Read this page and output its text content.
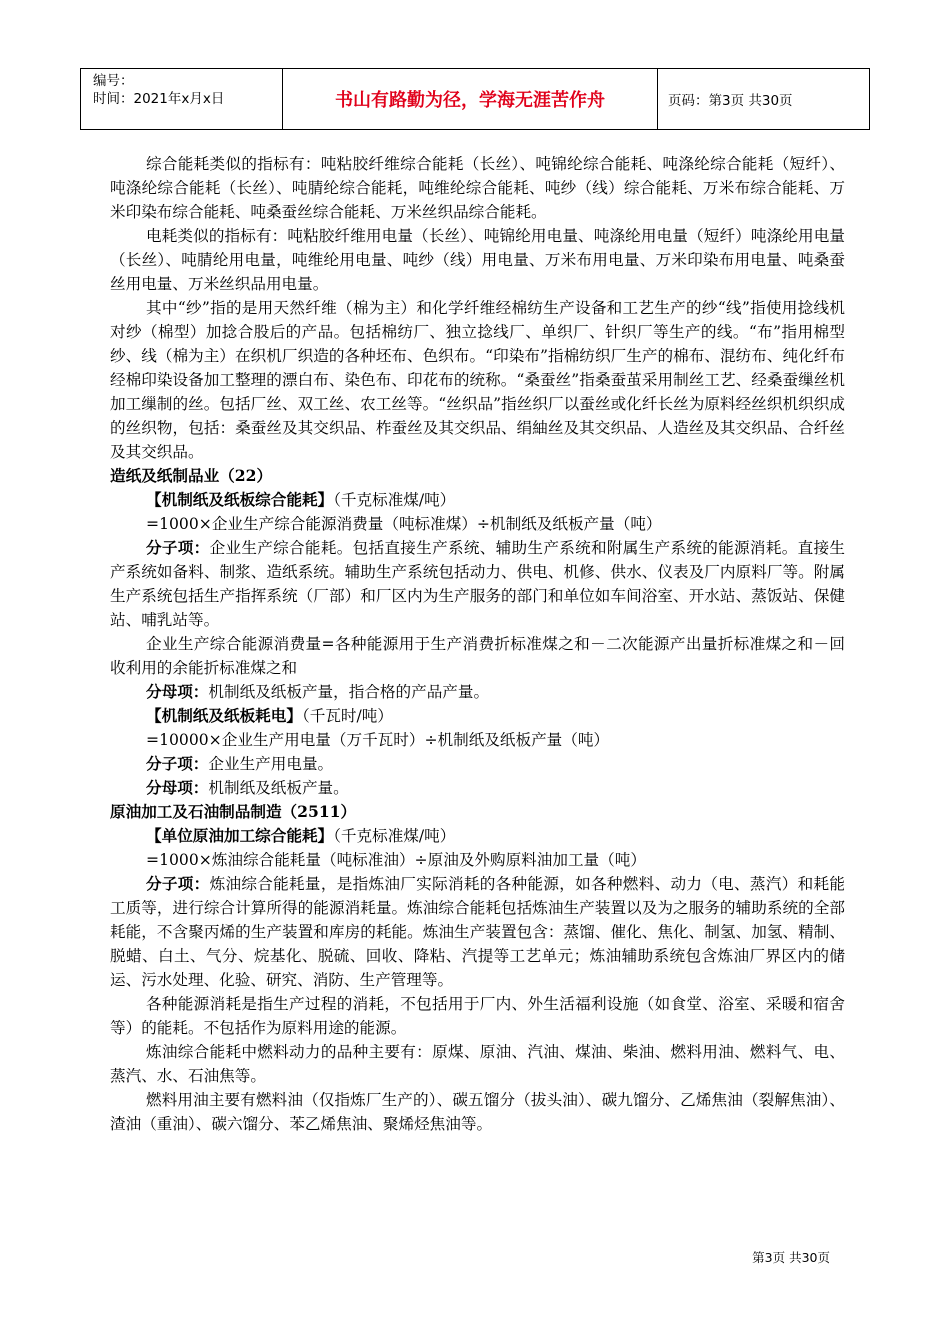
编号：
时间：2021年x月x日	书山有路勤为径，学海无涯苦作舟	页码：第3页 共30页

综合能耗类似的指标有：吨粘胶纤维综合能耗（长丝）、吨锦纶综合能耗、吨涤纶综合能耗（短纤）、吨涤纶综合能耗（长丝）、吨腈纶综合能耗，吨维纶综合能耗、吨纱（线）综合能耗、万米布综合能耗、万米印染布综合能耗、吨桑蚕丝综合能耗、万米丝织品综合能耗。

电耗类似的指标有：吨粘胶纤维用电量（长丝）、吨锦纶用电量、吨涤纶用电量（短纤）吨涤纶用电量（长丝）、吨腈纶用电量，吨维纶用电量、吨纱（线）用电量、万米布用电量、万米印染布用电量、吨桑蚕丝用电量、万米丝织品用电量。

其中“纱”指的是用天然纤维（棉为主）和化学纤维经棉纺生产设备和工艺生产的纱“线”指使用捻线机对纱（棉型）加捻合股后的产品。包括棉纺厂、独立捻线厂、单织厂、针织厂等生产的线。“布”指用棉型纱、线（棉为主）在织机厂织造的各种坯布、色织布。“印染布”指棉纺织厂生产的棉布、混纺布、纯化纤布经棉印染设备加工整理的漂白布、染色布、印花布的统称。“桑蚕丝”指桑蚕茧采用制丝工艺、经桑蚕缫丝机加工缫制的丝。包括厂丝、双工丝、农工丝等。“丝织品”指丝织厂以蚕丝或化纤长丝为原料经丝织机织织成的丝织物，包括：桑蚕丝及其交织品、柞蚕丝及其交织品、绢紬丝及其交织品、人造丝及其交织品、合纤丝及其交织品。

造纸及纸制品业（22）

【机制纸及纸板综合能耗】（千克标准煤/吨）

=1000×企业生产综合能源消费量（吨标准煤）÷机制纸及纸板产量（吨）

分子项：企业生产综合能耗。包括直接生产系统、辅助生产系统和附属生产系统的能源消耗。直接生产系统如备料、制浆、造纸系统。辅助生产系统包括动力、供电、机修、供水、仪表及厂内原料厂等。附属生产系统包括生产指挥系统（厂部）和厂区内为生产服务的部门和单位如车间浴室、开水站、蒸饭站、保健站、哺乳站等。

企业生产综合能源消费量=各种能源用于生产消费折标准煤之和－二次能源产出量折标准煤之和－回收利用的余能折标准煤之和

分母项：机制纸及纸板产量，指合格的产品产量。

【机制纸及纸板耗电】（千瓦时/吨）

=10000×企业生产用电量（万千瓦时）÷机制纸及纸板产量（吨）

分子项：企业生产用电量。

分母项：机制纸及纸板产量。

原油加工及石油制品制造（2511）

【单位原油加工综合能耗】（千克标准煤/吨）

=1000×炼油综合能耗量（吨标准油）÷原油及外购原料油加工量（吨）

分子项：炼油综合能耗量，是指炼油厂实际消耗的各种能源，如各种燃料、动力（电、蒸汽）和耗能工质等，进行综合计算所得的能源消耗量。炼油综合能耗包括炼油生产装置以及为之服务的辅助系统的全部耗能，不含聚丙烯的生产装置和库房的耗能。炼油生产装置包含：蒸馏、催化、焦化、制氢、加氢、精制、脱蜡、白土、气分、烷基化、脱硫、回收、降粘、汽提等工艺单元；炼油辅助系统包含炼油厂界区内的储运、污水处理、化验、研究、消防、生产管理等。

各种能源消耗是指生产过程的消耗，不包括用于厂内、外生活福利设施（如食堂、浴室、采暖和宿舍等）的能耗。不包括作为原料用途的能源。

炼油综合能耗中燃料动力的品种主要有：原煤、原油、汽油、煤油、柴油、燃料用油、燃料气、电、蒸汽、水、石油焦等。

燃料用油主要有燃料油（仅指炼厂生产的）、碳五馏分（拔头油）、碳九馏分、乙烯焦油（裂解焦油）、渣油（重油）、碳六馏分、苯乙烯焦油、聚烯烃焦油等。

第3页 共30页
